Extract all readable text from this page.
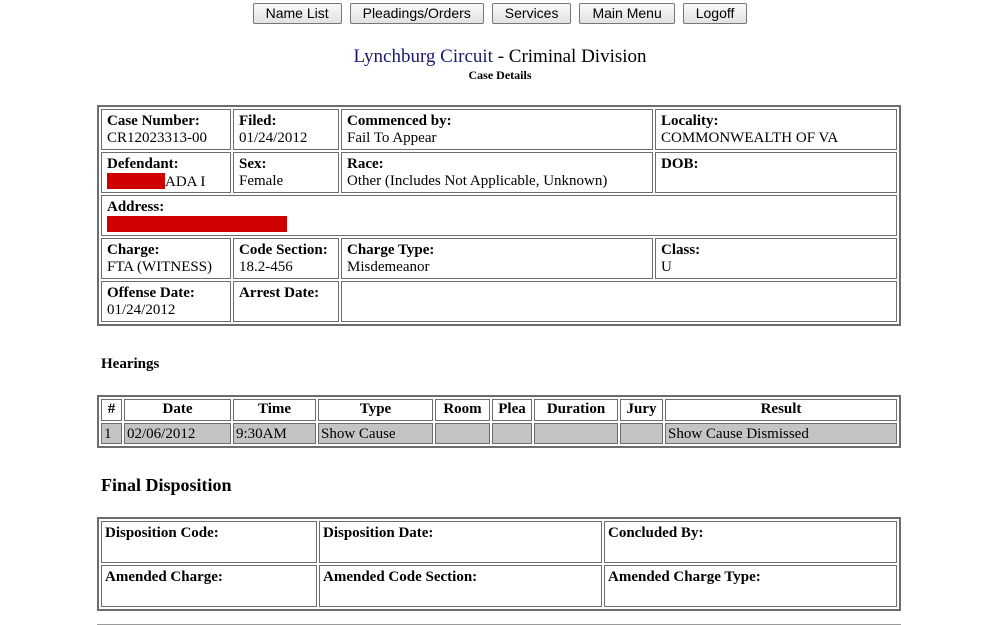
Name List Pleadings/Orders Services Main Menu Logoff
Lynchburg Circuit - Criminal Division
Case Details
Case Number:
CR12023313-00	Filed:
01/24/2012	Commenced by:
Fail To Appear	Locality:
COMMONWEALTH OF VA

Defendant:
ADA I	Sex:
Female	Race:
Other (Includes Not Applicable, Unknown)	DOB:

Address:			

Charge:
FTA (WITNESS)	Code Section:
18.2-456	Charge Type:
Misdemeanor	Class:
U

Offense Date:
01/24/2012	Arrest Date:		

Hearings
#	Date	Time	Type	Room	Plea	Duration	Jury	Result
1	02/06/2012	9:30AM	Show Cause					Show Cause Dismissed
Final Disposition
Disposition Code:	Disposition Date:	Concluded By:

Amended Charge:	Amended Code Section:	Amended Charge Type:
